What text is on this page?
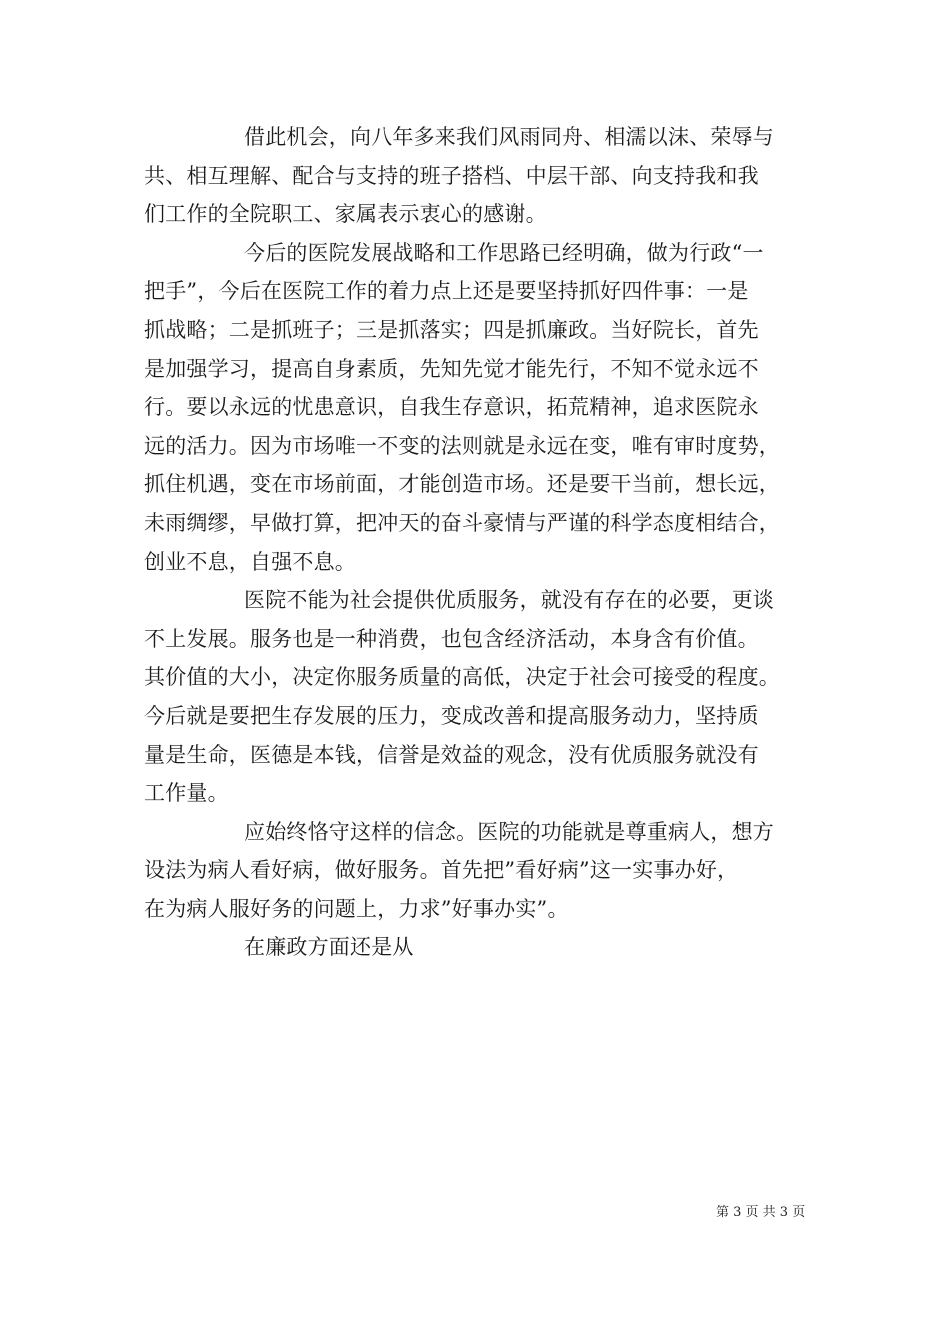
借此机会，向八年多来我们风雨同舟、相濡以沫、荣辱与
共、相互理解、配合与支持的班子搭档、中层干部、向支持我和我
们工作的全院职工、家属表示衷心的感谢。

今后的医院发展战略和工作思路已经明确，做为行政“一
把手”，今后在医院工作的着力点上还是要坚持抓好四件事：一是
抓战略；二是抓班子；三是抓落实；四是抓廉政。当好院长，首先
是加强学习，提高自身素质，先知先觉才能先行，不知不觉永远不
行。要以永远的忧患意识，自我生存意识，拓荒精神，追求医院永
远的活力。因为市场唯一不变的法则就是永远在变，唯有审时度势，
抓住机遇，变在市场前面，才能创造市场。还是要干当前，想长远，
未雨绸缪，早做打算，把冲天的奋斗豪情与严谨的科学态度相结合，
创业不息，自强不息。

医院不能为社会提供优质服务，就没有存在的必要，更谈
不上发展。服务也是一种消费，也包含经济活动，本身含有价值。
其价值的大小，决定你服务质量的高低，决定于社会可接受的程度。
今后就是要把生存发展的压力，变成改善和提高服务动力，坚持质
量是生命，医德是本钱，信誉是效益的观念，没有优质服务就没有
工作量。

应始终恪守这样的信念。医院的功能就是尊重病人，想方
设法为病人看好病，做好服务。首先把”看好病”这一实事办好，
在为病人服好务的问题上，力求”好事办实”。

在廉政方面还是从

第 3 页 共 3 页
